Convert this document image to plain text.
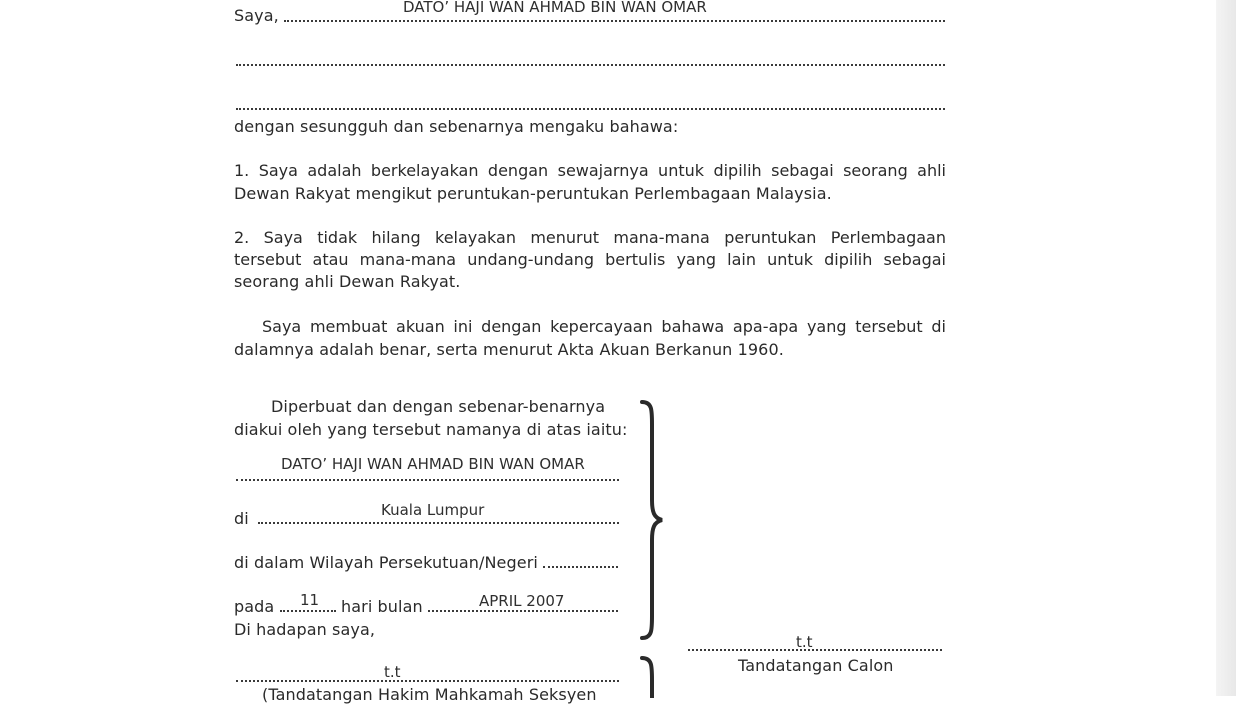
Saya,	DATO’ HAJI WAN AHMAD BIN WAN OMAR
dengan sesungguh dan sebenarnya mengaku bahawa:
1. Saya adalah berkelayakan dengan sewajarnya untuk dipilih sebagai seorang ahli
Dewan Rakyat mengikut peruntukan-peruntukan Perlembagaan Malaysia.
2. Saya tidak hilang kelayakan menurut mana-mana peruntukan Perlembagaan
tersebut atau mana-mana undang-undang bertulis yang lain untuk dipilih sebagai
seorang ahli Dewan Rakyat.
Saya membuat akuan ini dengan kepercayaan bahawa apa-apa yang tersebut di
dalamnya adalah benar, serta menurut Akta Akuan Berkanun 1960.
Diperbuat dan dengan sebenar-benarnya
diakui oleh yang tersebut namanya di atas iaitu:
DATO’ HAJI WAN AHMAD BIN WAN OMAR
di	Kuala Lumpur
di dalam Wilayah Persekutuan/Negeri
pada 11 hari bulan	APRIL 2007
Di hadapan saya,
t.t
(Tandatangan Hakim Mahkamah Seksyen
t.t
Tandatangan Calon
